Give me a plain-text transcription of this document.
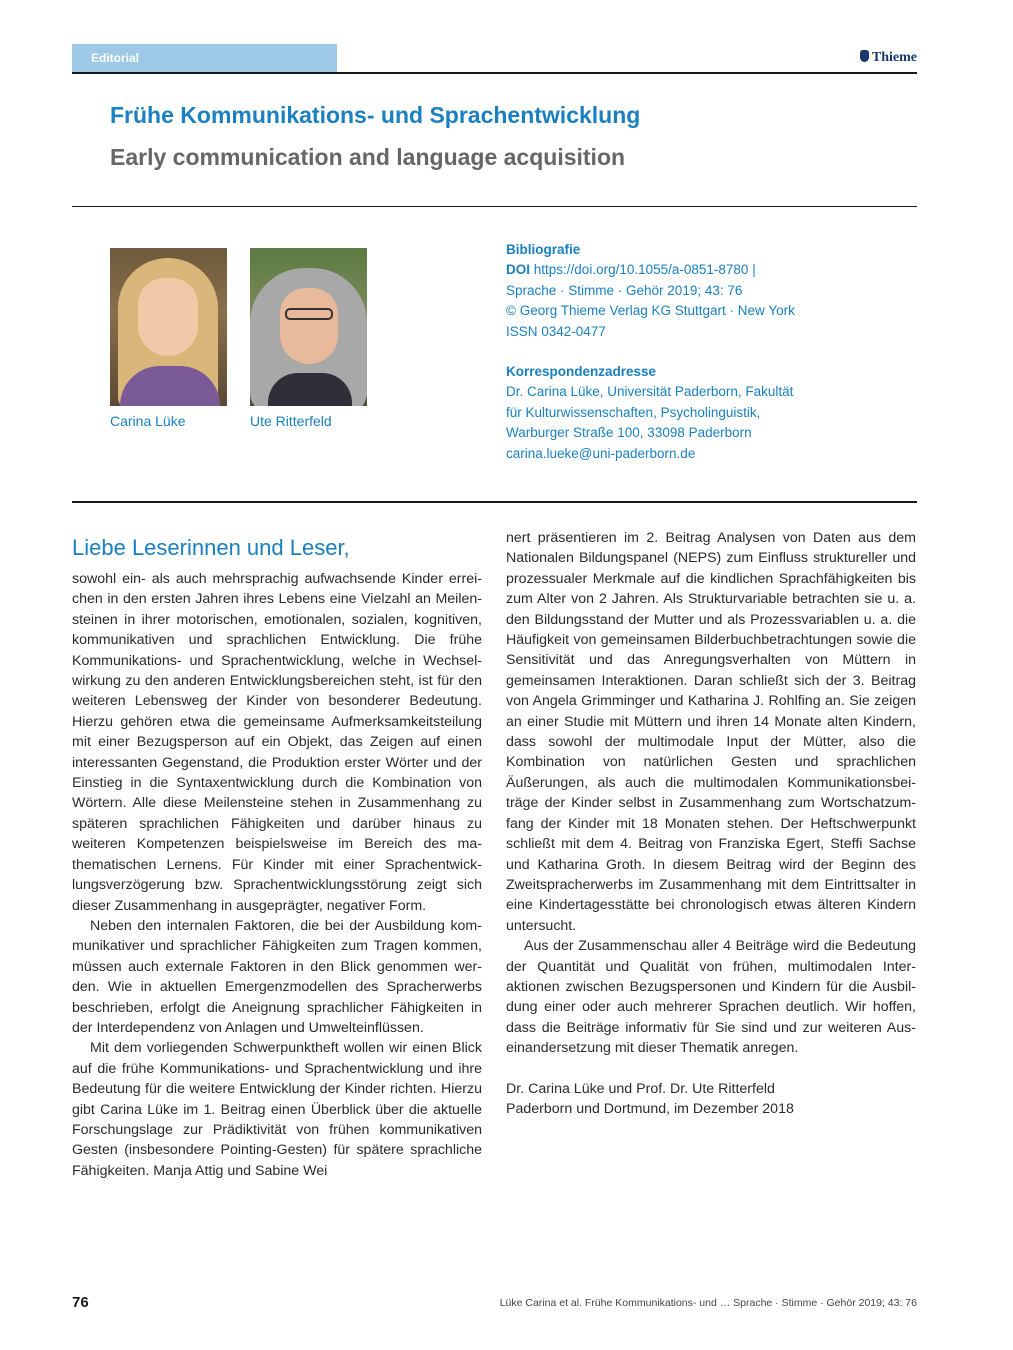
Editorial	Thieme
Frühe Kommunikations- und Sprachentwicklung
Early communication and language acquisition
Carina Lüke	Ute Ritterfeld
Bibliografie
DOI https://doi.org/10.1055/a-0851-8780 |
Sprache · Stimme · Gehör 2019; 43: 76
© Georg Thieme Verlag KG Stuttgart · New York
ISSN 0342-0477
Korrespondenzadresse
Dr. Carina Lüke, Universität Paderborn, Fakultät
für Kulturwissenschaften, Psycholinguistik,
Warburger Straße 100, 33098 Paderborn
carina.lueke@uni-paderborn.de
Liebe Leserinnen und Leser,

sowohl ein- als auch mehrsprachig aufwachsende Kinder erreichen in den ersten Jahren ihres Lebens eine Vielzahl an Meilensteinen in ihrer motorischen, emotionalen, sozialen, kognitiven, kommunikativen und sprachlichen Entwicklung. Die frühe Kommunikations- und Sprachentwicklung, welche in Wechselwirkung zu den anderen Entwicklungsbereichen steht, ist für den weiteren Lebensweg der Kinder von besonderer Bedeutung. Hierzu gehören etwa die gemeinsame Aufmerksamkeitsteilung mit einer Bezugsperson auf ein Objekt, das Zeigen auf einen interessanten Gegenstand, die Produktion erster Wörter und der Einstieg in die Syntaxentwicklung durch die Kombination von Wörtern. Alle diese Meilensteine stehen in Zusammenhang zu späteren sprachlichen Fähigkeiten und darüber hinaus zu weiteren Kompetenzen beispielsweise im Bereich des mathematischen Lernens. Für Kinder mit einer Sprachentwicklungsverzögerung bzw. Sprachentwicklungsstörung zeigt sich dieser Zusammenhang in ausgeprägter, negativer Form.

Neben den internalen Faktoren, die bei der Ausbildung kommunikativer und sprachlicher Fähigkeiten zum Tragen kommen, müssen auch externale Faktoren in den Blick genommen werden. Wie in aktuellen Emergenzmodellen des Spracherwerbs beschrieben, erfolgt die Aneignung sprachlicher Fähigkeiten in der Interdependenz von Anlagen und Umwelteinflüssen.

Mit dem vorliegenden Schwerpunktheft wollen wir einen Blick auf die frühe Kommunikations- und Sprachentwicklung und ihre Bedeutung für die weitere Entwicklung der Kinder richten. Hierzu gibt Carina Lüke im 1. Beitrag einen Überblick über die aktuelle Forschungslage zur Prädiktivität von frühen kommunikativen Gesten (insbesondere Pointing-Gesten) für spätere sprachliche Fähigkeiten. Manja Attig und Sabine Wei

nert präsentieren im 2. Beitrag Analysen von Daten aus dem Nationalen Bildungspanel (NEPS) zum Einfluss struktureller und prozessualer Merkmale auf die kindlichen Sprachfähigkeiten bis zum Alter von 2 Jahren. Als Strukturvariable betrachten sie u. a. den Bildungsstand der Mutter und als Prozessvariablen u. a. die Häufigkeit von gemeinsamen Bilderbuchbetrachtungen sowie die Sensitivität und das Anregungsverhalten von Müttern in gemeinsamen Interaktionen. Daran schließt sich der 3. Beitrag von Angela Grimminger und Katharina J. Rohlfing an. Sie zeigen an einer Studie mit Müttern und ihren 14 Monate alten Kindern, dass sowohl der multimodale Input der Mütter, also die Kombination von natürlichen Gesten und sprachlichen Äußerungen, als auch die multimodalen Kommunikationsbeiträge der Kinder selbst in Zusammenhang zum Wortschatzumfang der Kinder mit 18 Monaten stehen. Der Heftschwerpunkt schließt mit dem 4. Beitrag von Franziska Egert, Steffi Sachse und Katharina Groth. In diesem Beitrag wird der Beginn des Zweitspracherwerbs im Zusammenhang mit dem Eintrittsalter in eine Kindertagesstätte bei chronologisch etwas älteren Kindern untersucht.

Aus der Zusammenschau aller 4 Beiträge wird die Bedeutung der Quantität und Qualität von frühen, multimodalen Interaktionen zwischen Bezugspersonen und Kindern für die Ausbildung einer oder auch mehrerer Sprachen deutlich. Wir hoffen, dass die Beiträge informativ für Sie sind und zur weiteren Auseinandersetzung mit dieser Thematik anregen.

Dr. Carina Lüke und Prof. Dr. Ute Ritterfeld

Paderborn und Dortmund, im Dezember 2018

76	Lüke Carina et al. Frühe Kommunikations- und … Sprache · Stimme · Gehör 2019; 43: 76
